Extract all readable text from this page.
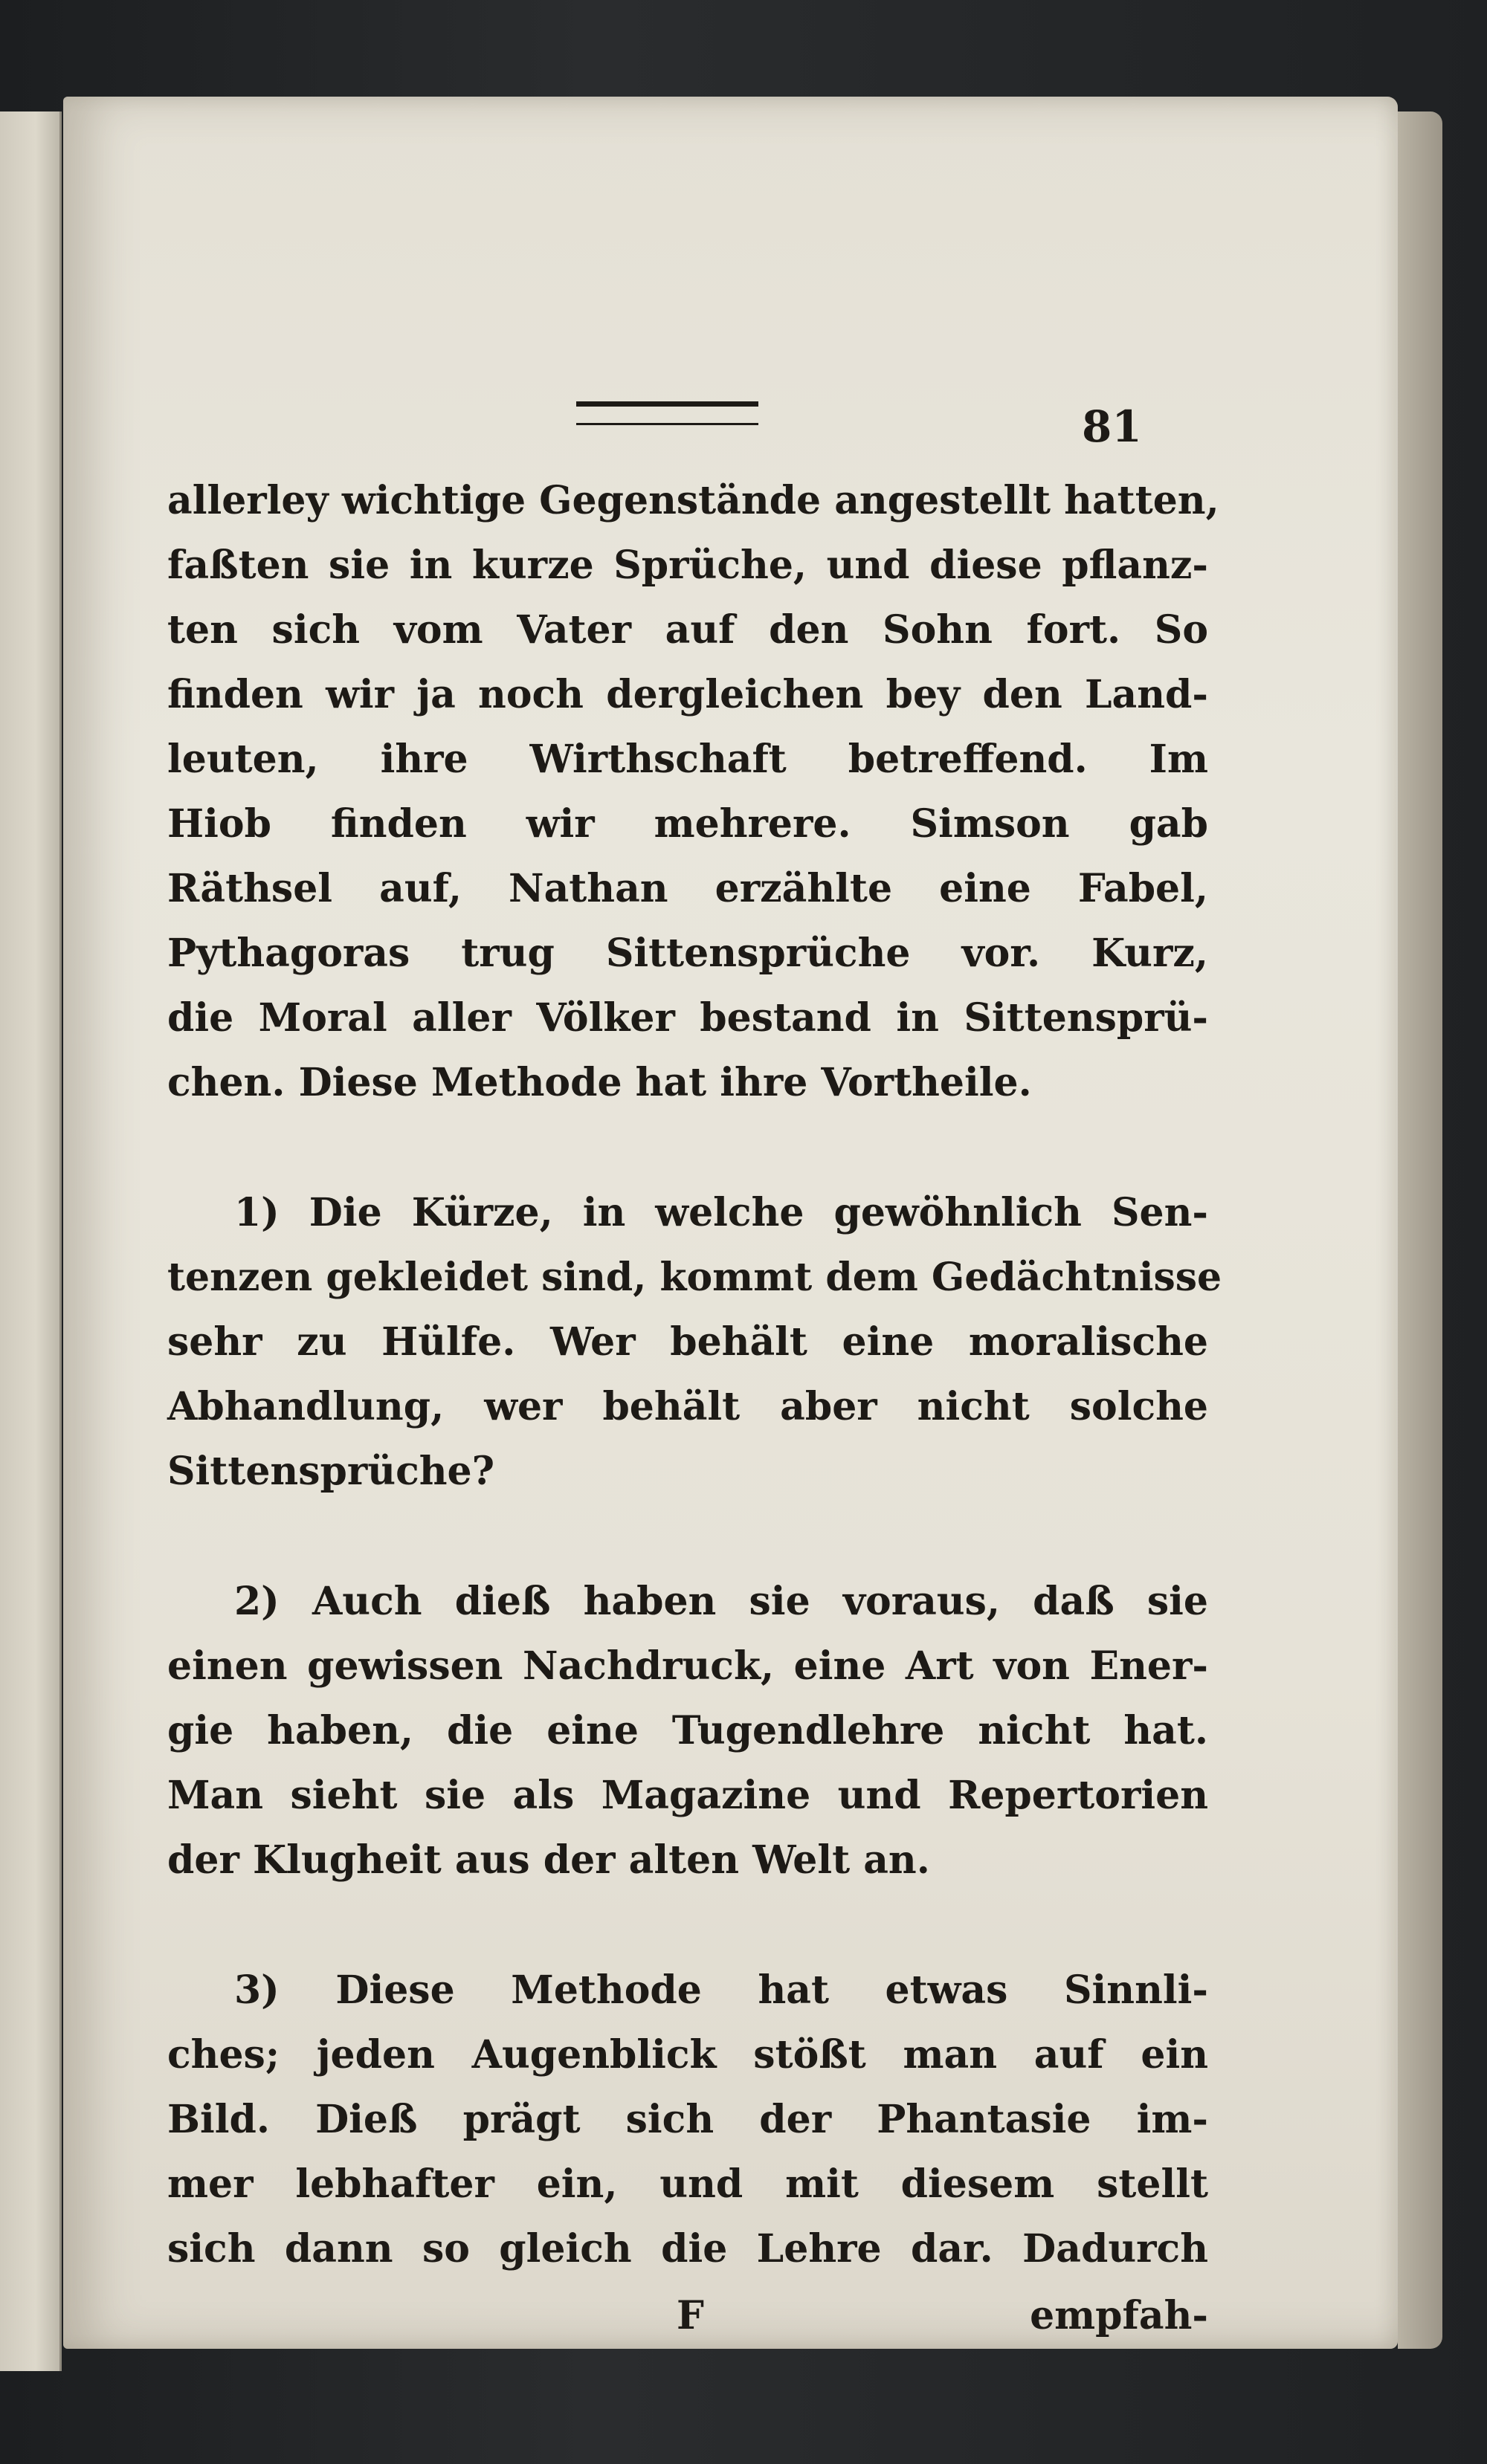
81
allerley wichtige Gegenstände angestellt hatten,
faßten sie in kurze Sprüche, und diese pflanz-
ten sich vom Vater auf den Sohn fort. So
finden wir ja noch dergleichen bey den Land-
leuten, ihre Wirthschaft betreffend. Im
Hiob finden wir mehrere. Simson gab
Räthsel auf, Nathan erzählte eine Fabel,
Pythagoras trug Sittensprüche vor. Kurz,
die Moral aller Völker bestand in Sittensprü-
chen. Diese Methode hat ihre Vortheile.
1) Die Kürze, in welche gewöhnlich Sen-
tenzen gekleidet sind, kommt dem Gedächtnisse
sehr zu Hülfe. Wer behält eine moralische
Abhandlung, wer behält aber nicht solche
Sittensprüche?
2) Auch dieß haben sie voraus, daß sie
einen gewissen Nachdruck, eine Art von Ener-
gie haben, die eine Tugendlehre nicht hat.
Man sieht sie als Magazine und Repertorien
der Klugheit aus der alten Welt an.
3) Diese Methode hat etwas Sinnli-
ches; jeden Augenblick stößt man auf ein
Bild. Dieß prägt sich der Phantasie im-
mer lebhafter ein, und mit diesem stellt
sich dann so gleich die Lehre dar. Dadurch
F	empfah-
